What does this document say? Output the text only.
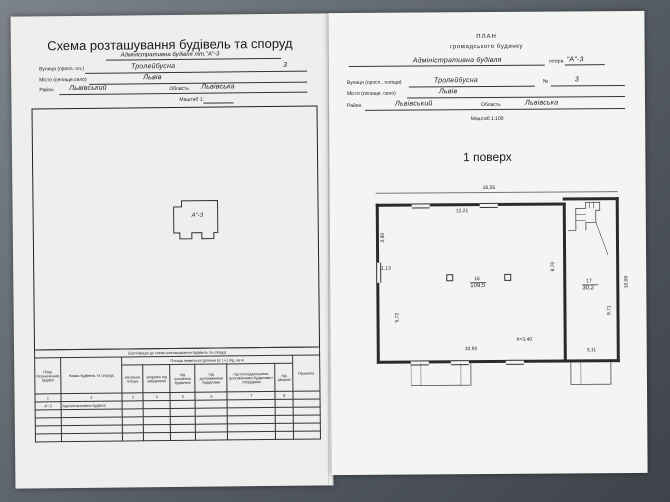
Схема розташування будівель та споруд
Адміністративна будівля лiт."А"-3
Вулиця (просп. пл.)	Тролейбусна	3
Місто (селище,село)	Львів
Район Львівський	Область Львівська
Маштаб 1:
А"-3
Експлікація до схеми розташування будівель та споруд								
Літер (позначення) будівлі	Назва будівель та споруд	Площа земельної ділянки (в т.ч.) під, кв.м						Примітка
		загальна площа	зокрема під забудовою	під основною будівлею	під допоміжними будівлями	під господарськими, допоміжними будівлями і спорудами	під двором	
1	2	3	4	5	6	7	8	
А"-3	Адміністративна будівля							

ПЛАН
громадського будинку
Адміністративна будівля	літера "А"-3
Вулиця (просп., площа)	Тролейбусна	№	3
Місто (селище, село)	Львів
Район	Львівський	Область	Львівська
Маштаб 1:100
1 поверх
16,55
12,21
16
109,5
17
30,2
3,90
1,13
5,72
8,70
9,71
10,00
10,92	3,11
h=3,40
